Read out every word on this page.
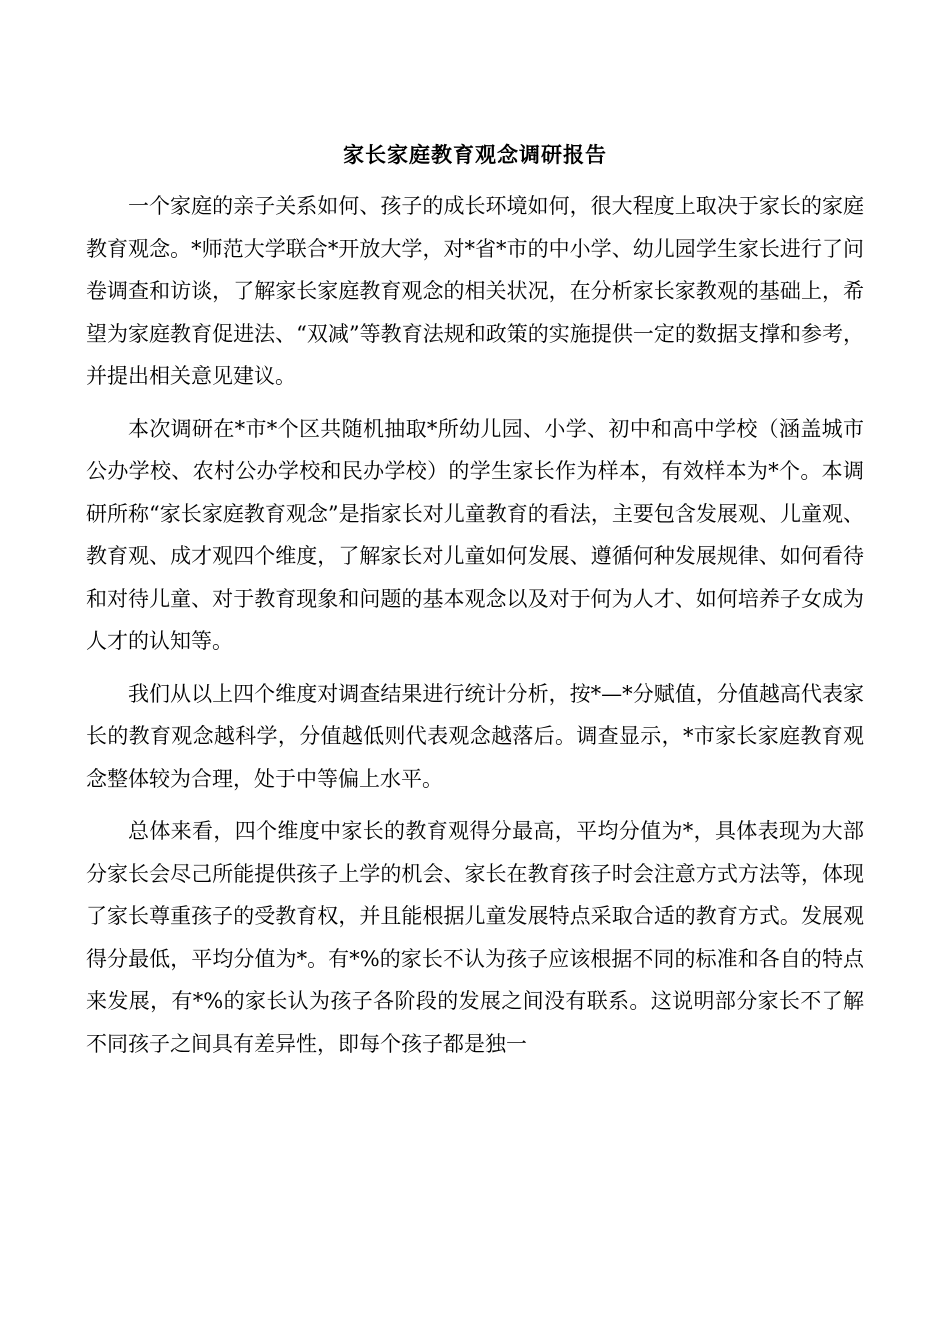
家长家庭教育观念调研报告

一个家庭的亲子关系如何、孩子的成长环境如何，很大程度上取决于家长的家庭教育观念。*师范大学联合*开放大学，对*省*市的中小学、幼儿园学生家长进行了问卷调查和访谈，了解家长家庭教育观念的相关状况，在分析家长家教观的基础上，希望为家庭教育促进法、“双减”等教育法规和政策的实施提供一定的数据支撑和参考，并提出相关意见建议。

本次调研在*市*个区共随机抽取*所幼儿园、小学、初中和高中学校（涵盖城市公办学校、农村公办学校和民办学校）的学生家长作为样本，有效样本为*个。本调研所称“家长家庭教育观念”是指家长对儿童教育的看法，主要包含发展观、儿童观、教育观、成才观四个维度，了解家长对儿童如何发展、遵循何种发展规律、如何看待和对待儿童、对于教育现象和问题的基本观念以及对于何为人才、如何培养子女成为人才的认知等。

我们从以上四个维度对调查结果进行统计分析，按*—*分赋值，分值越高代表家长的教育观念越科学，分值越低则代表观念越落后。调查显示，*市家长家庭教育观念整体较为合理，处于中等偏上水平。

总体来看，四个维度中家长的教育观得分最高，平均分值为*，具体表现为大部分家长会尽己所能提供孩子上学的机会、家长在教育孩子时会注意方式方法等，体现了家长尊重孩子的受教育权，并且能根据儿童发展特点采取合适的教育方式。发展观得分最低，平均分值为*。有*%的家长不认为孩子应该根据不同的标准和各自的特点来发展，有*%的家长认为孩子各阶段的发展之间没有联系。这说明部分家长不了解不同孩子之间具有差异性，即每个孩子都是独一
